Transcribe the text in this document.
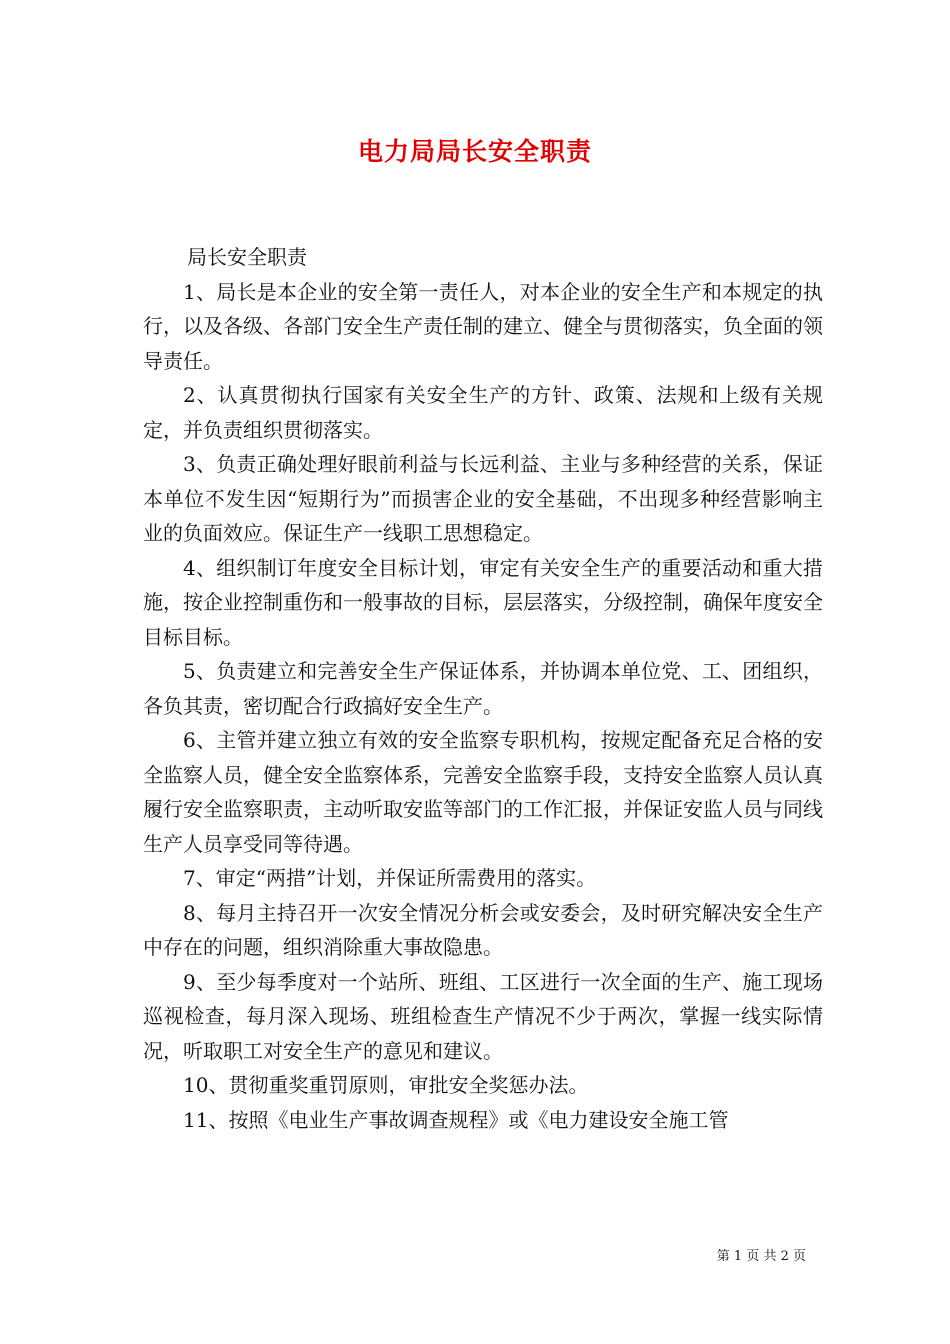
电力局局长安全职责

局长安全职责

1、局长是本企业的安全第一责任人，对本企业的安全生产和本规定的执行，以及各级、各部门安全生产责任制的建立、健全与贯彻落实，负全面的领导责任。

2、认真贯彻执行国家有关安全生产的方针、政策、法规和上级有关规定，并负责组织贯彻落实。

3、负责正确处理好眼前利益与长远利益、主业与多种经营的关系，保证本单位不发生因“短期行为”而损害企业的安全基础，不出现多种经营影响主业的负面效应。保证生产一线职工思想稳定。

4、组织制订年度安全目标计划，审定有关安全生产的重要活动和重大措施，按企业控制重伤和一般事故的目标，层层落实，分级控制，确保年度安全目标目标。

5、负责建立和完善安全生产保证体系，并协调本单位党、工、团组织，各负其责，密切配合行政搞好安全生产。

6、主管并建立独立有效的安全监察专职机构，按规定配备充足合格的安全监察人员，健全安全监察体系，完善安全监察手段，支持安全监察人员认真履行安全监察职责，主动听取安监等部门的工作汇报，并保证安监人员与同线生产人员享受同等待遇。

7、审定“两措”计划，并保证所需费用的落实。

8、每月主持召开一次安全情况分析会或安委会，及时研究解决安全生产中存在的问题，组织消除重大事故隐患。

9、至少每季度对一个站所、班组、工区进行一次全面的生产、施工现场巡视检查，每月深入现场、班组检查生产情况不少于两次，掌握一线实际情况，听取职工对安全生产的意见和建议。

10、贯彻重奖重罚原则，审批安全奖惩办法。

11、按照《电业生产事故调查规程》或《电力建设安全施工管

第 1 页 共 2 页
